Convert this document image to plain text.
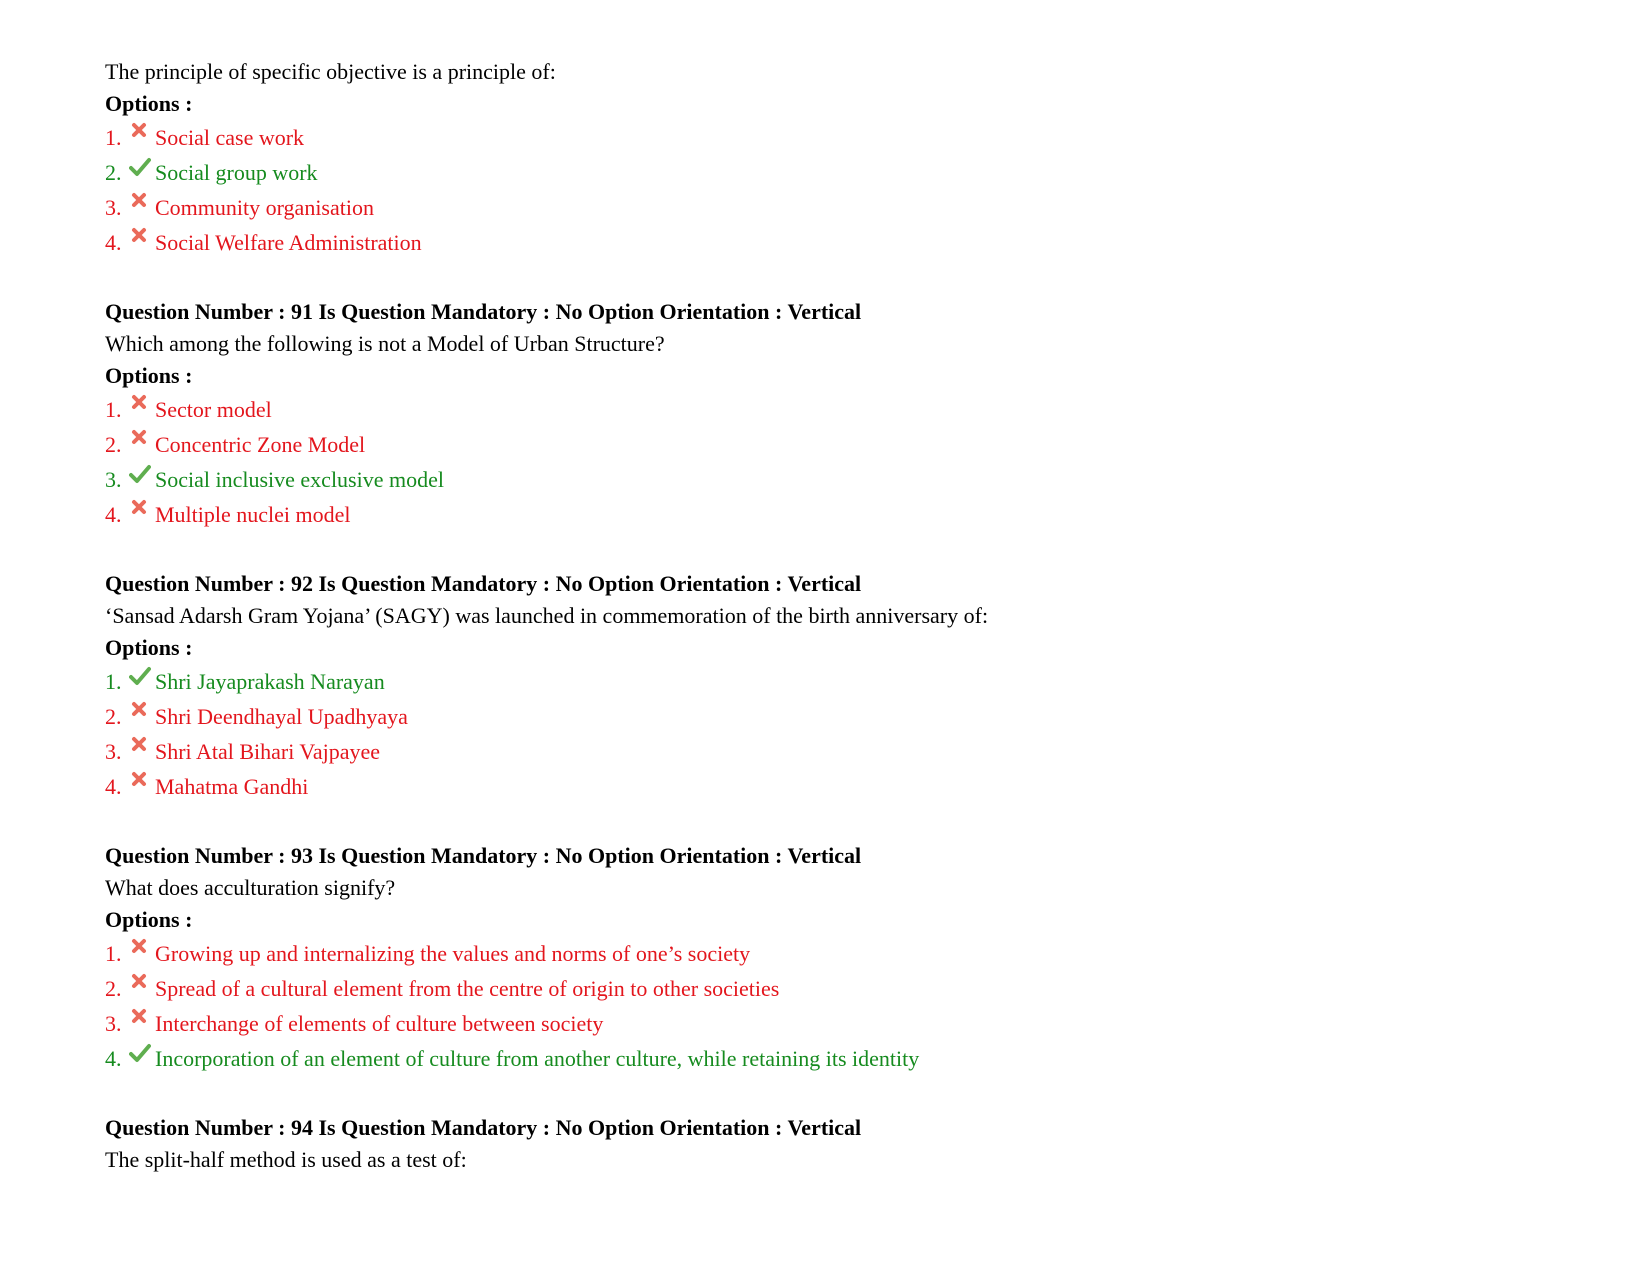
The principle of specific objective is a principle of:
Options :
1.	Social case work
2.	Social group work
3.	Community organisation
4.	Social Welfare Administration
Question Number : 91 Is Question Mandatory : No Option Orientation : Vertical
Which among the following is not a Model of Urban Structure?
Options :
1.	Sector model
2.	Concentric Zone Model
3.	Social inclusive exclusive model
4.	Multiple nuclei model
Question Number : 92 Is Question Mandatory : No Option Orientation : Vertical
‘Sansad Adarsh Gram Yojana’ (SAGY) was launched in commemoration of the birth anniversary of:
Options :
1.	Shri Jayaprakash Narayan
2.	Shri Deendhayal Upadhyaya
3.	Shri Atal Bihari Vajpayee
4.	Mahatma Gandhi
Question Number : 93 Is Question Mandatory : No Option Orientation : Vertical
What does acculturation signify?
Options :
1.	Growing up and internalizing the values and norms of one’s society
2.	Spread of a cultural element from the centre of origin to other societies
3.	Interchange of elements of culture between society
4.	Incorporation of an element of culture from another culture, while retaining its identity
Question Number : 94 Is Question Mandatory : No Option Orientation : Vertical
The split-half method is used as a test of:
